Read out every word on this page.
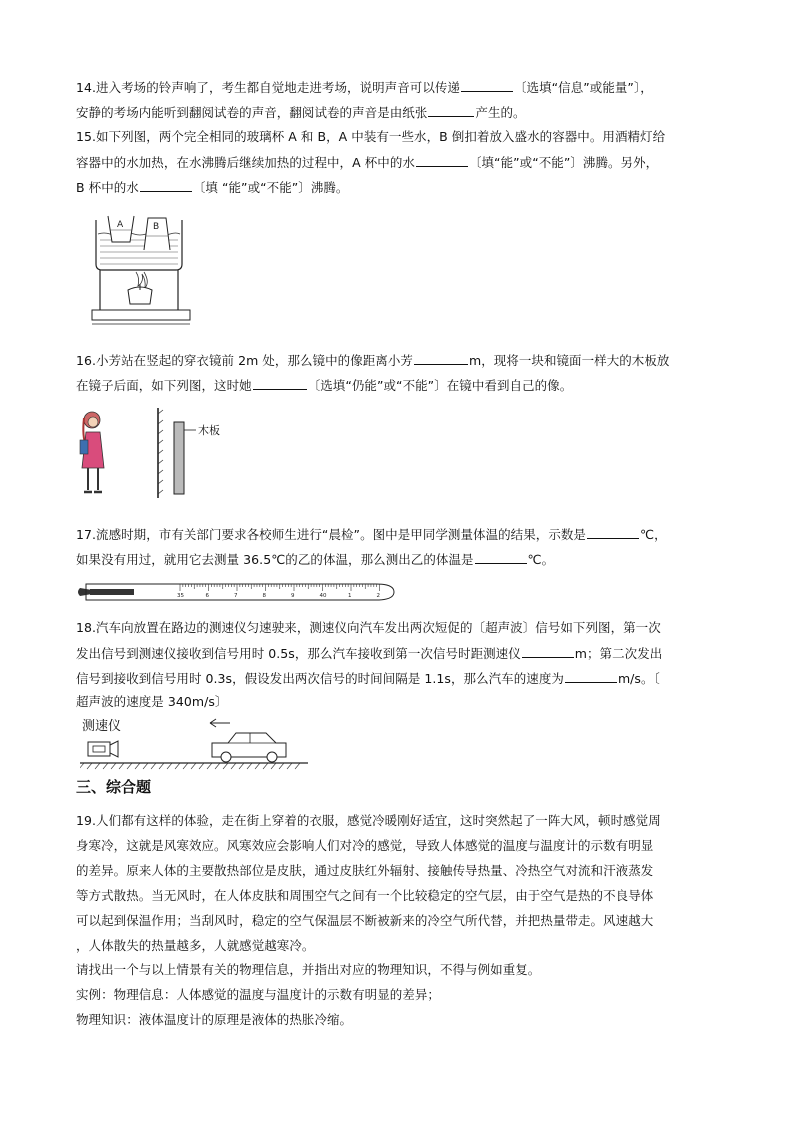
14.进入考场的铃声响了，考生都自觉地走进考场，说明声音可以传递	〔选填“信息”或能量”〕，
安静的考场内能听到翻阅试卷的声音，翻阅试卷的声音是由纸张	产生的。
15.如下列图，两个完全相同的玻璃杯 A 和 B，A 中装有一些水，B 倒扣着放入盛水的容器中。用酒精灯给
容器中的水加热，在水沸腾后继续加热的过程中，A 杯中的水	〔填“能”或“不能”〕沸腾。另外，
B 杯中的水	〔填 “能”或“不能”〕沸腾。
A	B
16.小芳站在竖起的穿衣镜前 2m 处，那么镜中的像距离小芳	m，现将一块和镜面一样大的木板放
在镜子后面，如下列图，这时她	〔选填“仍能”或“不能”〕在镜中看到自己的像。
木板
17.流感时期，市有关部门要求各校师生进行“晨检”。图中是甲同学测量体温的结果，示数是	℃，
如果没有用过，就用它去测量 36.5℃的乙的体温，那么测出乙的体温是	℃。
35	6	7	8	9	40	1	2
18.汽车向放置在路边的测速仪匀速驶来，测速仪向汽车发出两次短促的〔超声波〕信号如下列图，第一次
发出信号到测速仪接收到信号用时 0.5s，那么汽车接收到第一次信号时距测速仪	m；第二次发出
信号到接收到信号用时 0.3s，假设发出两次信号的时间间隔是 1.1s，那么汽车的速度为	m/s。〔
超声波的速度是 340m/s〕
测速仪
三、综合题
19.人们都有这样的体验，走在街上穿着的衣服，感觉冷暖刚好适宜，这时突然起了一阵大风，顿时感觉周
身寒冷，这就是风寒效应。风寒效应会影响人们对冷的感觉，导致人体感觉的温度与温度计的示数有明显
的差异。原来人体的主要散热部位是皮肤，通过皮肤红外辐射、接触传导热量、冷热空气对流和汗液蒸发
等方式散热。当无风时，在人体皮肤和周围空气之间有一个比较稳定的空气层，由于空气是热的不良导体
可以起到保温作用；当刮风时，稳定的空气保温层不断被新来的冷空气所代替，并把热量带走。风速越大
，人体散失的热量越多，人就感觉越寒冷。
请找出一个与以上情景有关的物理信息，并指出对应的物理知识，不得与例如重复。
实例：物理信息：人体感觉的温度与温度计的示数有明显的差异；
物理知识：液体温度计的原理是液体的热胀冷缩。
